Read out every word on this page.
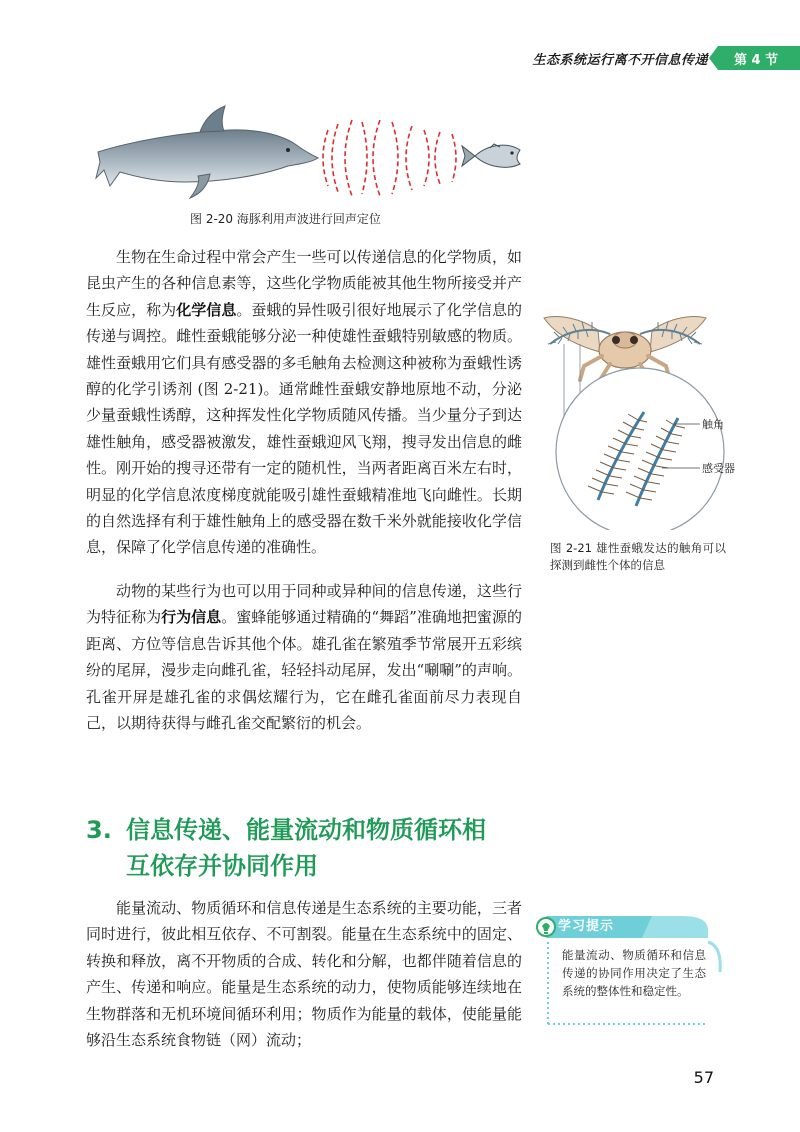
生态系统运行离不开信息传递	第 4 节
图 2-20 海豚利用声波进行回声定位

  生物在生命过程中常会产生一些可以传递信息的化学物质，如昆虫产生的各种信息素等，这些化学物质能被其他生物所接受并产生反应，称为化学信息。蚕蛾的异性吸引很好地展示了化学信息的传递与调控。雌性蚕蛾能够分泌一种使雄性蚕蛾特别敏感的物质。雄性蚕蛾用它们具有感受器的多毛触角去检测这种被称为蚕蛾性诱醇的化学引诱剂 (图 2-21)。通常雌性蚕蛾安静地原地不动，分泌少量蚕蛾性诱醇，这种挥发性化学物质随风传播。当少量分子到达雄性触角，感受器被激发，雄性蚕蛾迎风飞翔，搜寻发出信息的雌性。刚开始的搜寻还带有一定的随机性，当两者距离百米左右时，明显的化学信息浓度梯度就能吸引雄性蚕蛾精准地飞向雌性。长期的自然选择有利于雄性触角上的感受器在数千米外就能接收化学信息，保障了化学信息传递的准确性。

触角
感受器
图 2-21 雄性蚕蛾发达的触角可以探测到雌性个体的信息

  动物的某些行为也可以用于同种或异种间的信息传递，这些行为特征称为行为信息。蜜蜂能够通过精确的“舞蹈”准确地把蜜源的距离、方位等信息告诉其他个体。雄孔雀在繁殖季节常展开五彩缤纷的尾屏，漫步走向雌孔雀，轻轻抖动尾屏，发出“唰唰”的声响。孔雀开屏是雄孔雀的求偶炫耀行为，它在雌孔雀面前尽力表现自己，以期待获得与雌孔雀交配繁衍的机会。

3. 信息传递、能量流动和物质循环相
互依存并协同作用

  能量流动、物质循环和信息传递是生态系统的主要功能，三者同时进行，彼此相互依存、不可割裂。能量在生态系统中的固定、转换和释放，离不开物质的合成、转化和分解，也都伴随着信息的产生、传递和响应。能量是生态系统的动力，使物质能够连续地在生物群落和无机环境间循环利用；物质作为能量的载体，使能量能够沿生态系统食物链（网）流动；

学习提示
能量流动、物质循环和信息传递的协同作用决定了生态系统的整体性和稳定性。
57
